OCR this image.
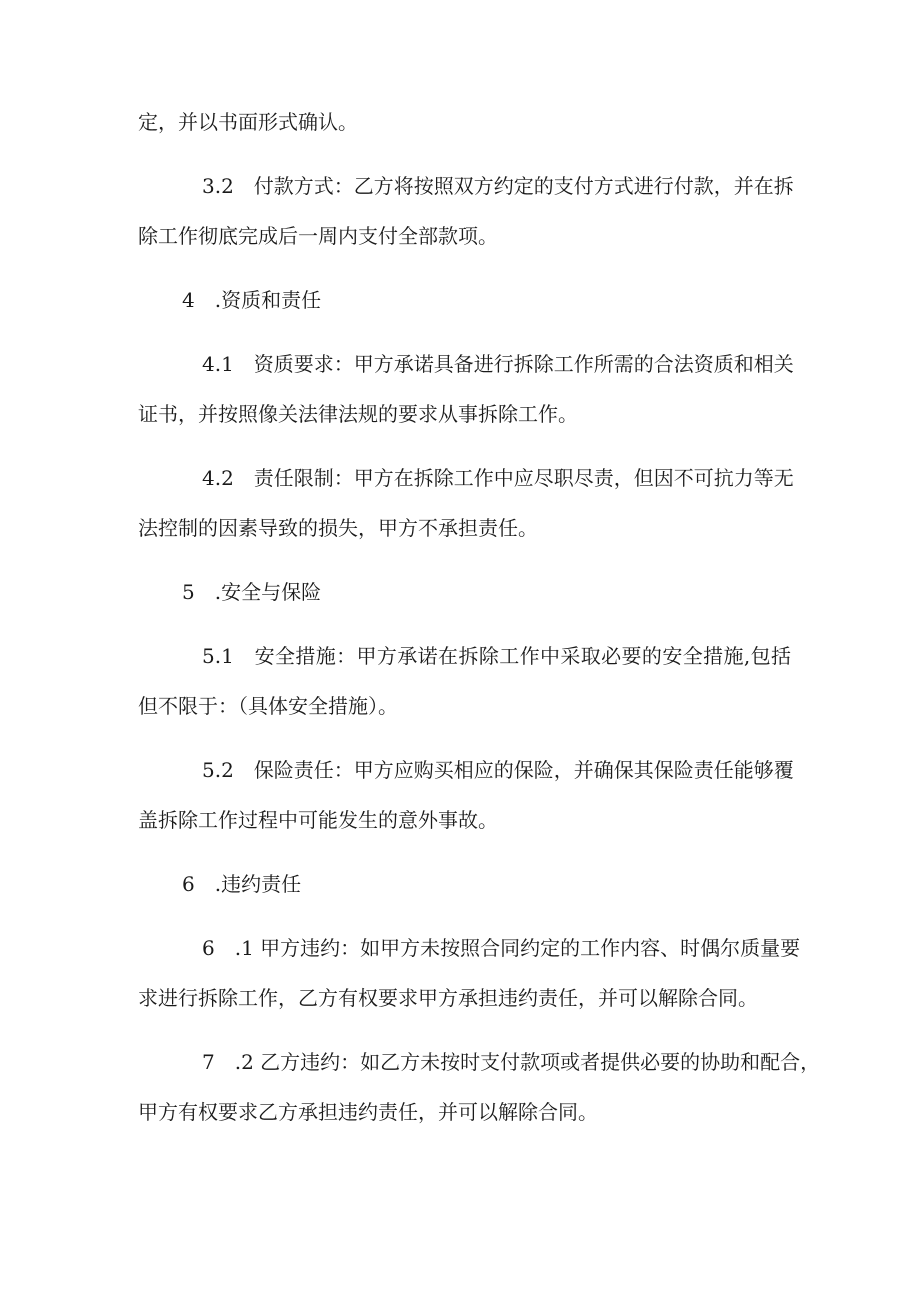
定，并以书面形式确认。

3.2　付款方式：乙方将按照双方约定的支付方式进行付款，并在拆

除工作彻底完成后一周内支付全部款项。

4　.资质和责任

4.1　资质要求：甲方承诺具备进行拆除工作所需的合法资质和相关

证书，并按照像关法律法规的要求从事拆除工作。

4.2　责任限制：甲方在拆除工作中应尽职尽责，但因不可抗力等无

法控制的因素导致的损失，甲方不承担责任。

5　.安全与保险

5.1　安全措施：甲方承诺在拆除工作中采取必要的安全措施,包括

但不限于：（具体安全措施）。

5.2　保险责任：甲方应购买相应的保险，并确保其保险责任能够覆

盖拆除工作过程中可能发生的意外事故。

6　.违约责任

6　.1 甲方违约：如甲方未按照合同约定的工作内容、时偶尔质量要

求进行拆除工作，乙方有权要求甲方承担违约责任，并可以解除合同。

7　.2 乙方违约：如乙方未按时支付款项或者提供必要的协助和配合，

甲方有权要求乙方承担违约责任，并可以解除合同。
